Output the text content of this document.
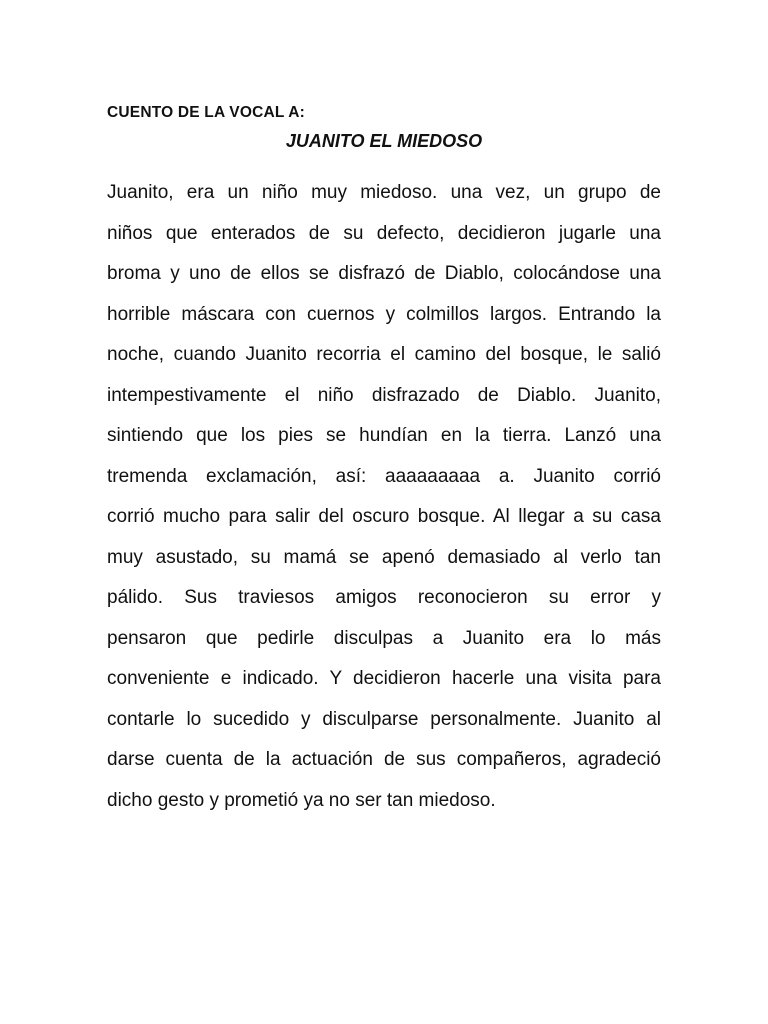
CUENTO DE LA VOCAL A:
JUANITO EL MIEDOSO
Juanito, era un niño muy miedoso. una vez, un grupo de
niños que enterados de su defecto, decidieron jugarle una
broma y uno de ellos se disfrazó de Diablo, colocándose una
horrible máscara con cuernos y colmillos largos. Entrando la
noche, cuando Juanito recorria el camino del bosque, le salió
intempestivamente el niño disfrazado de Diablo. Juanito,
sintiendo que los pies se hundían en la tierra. Lanzó una
tremenda exclamación, así: aaaaaaaaa a. Juanito corrió
corrió mucho para salir del oscuro bosque. Al llegar a su casa
muy asustado, su mamá se apenó demasiado al verlo tan
pálido. Sus traviesos amigos reconocieron su error y
pensaron que pedirle disculpas a Juanito era lo más
conveniente e indicado. Y decidieron hacerle una visita para
contarle lo sucedido y disculparse personalmente. Juanito al
darse cuenta de la actuación de sus compañeros, agradeció
dicho gesto y prometió ya no ser tan miedoso.
